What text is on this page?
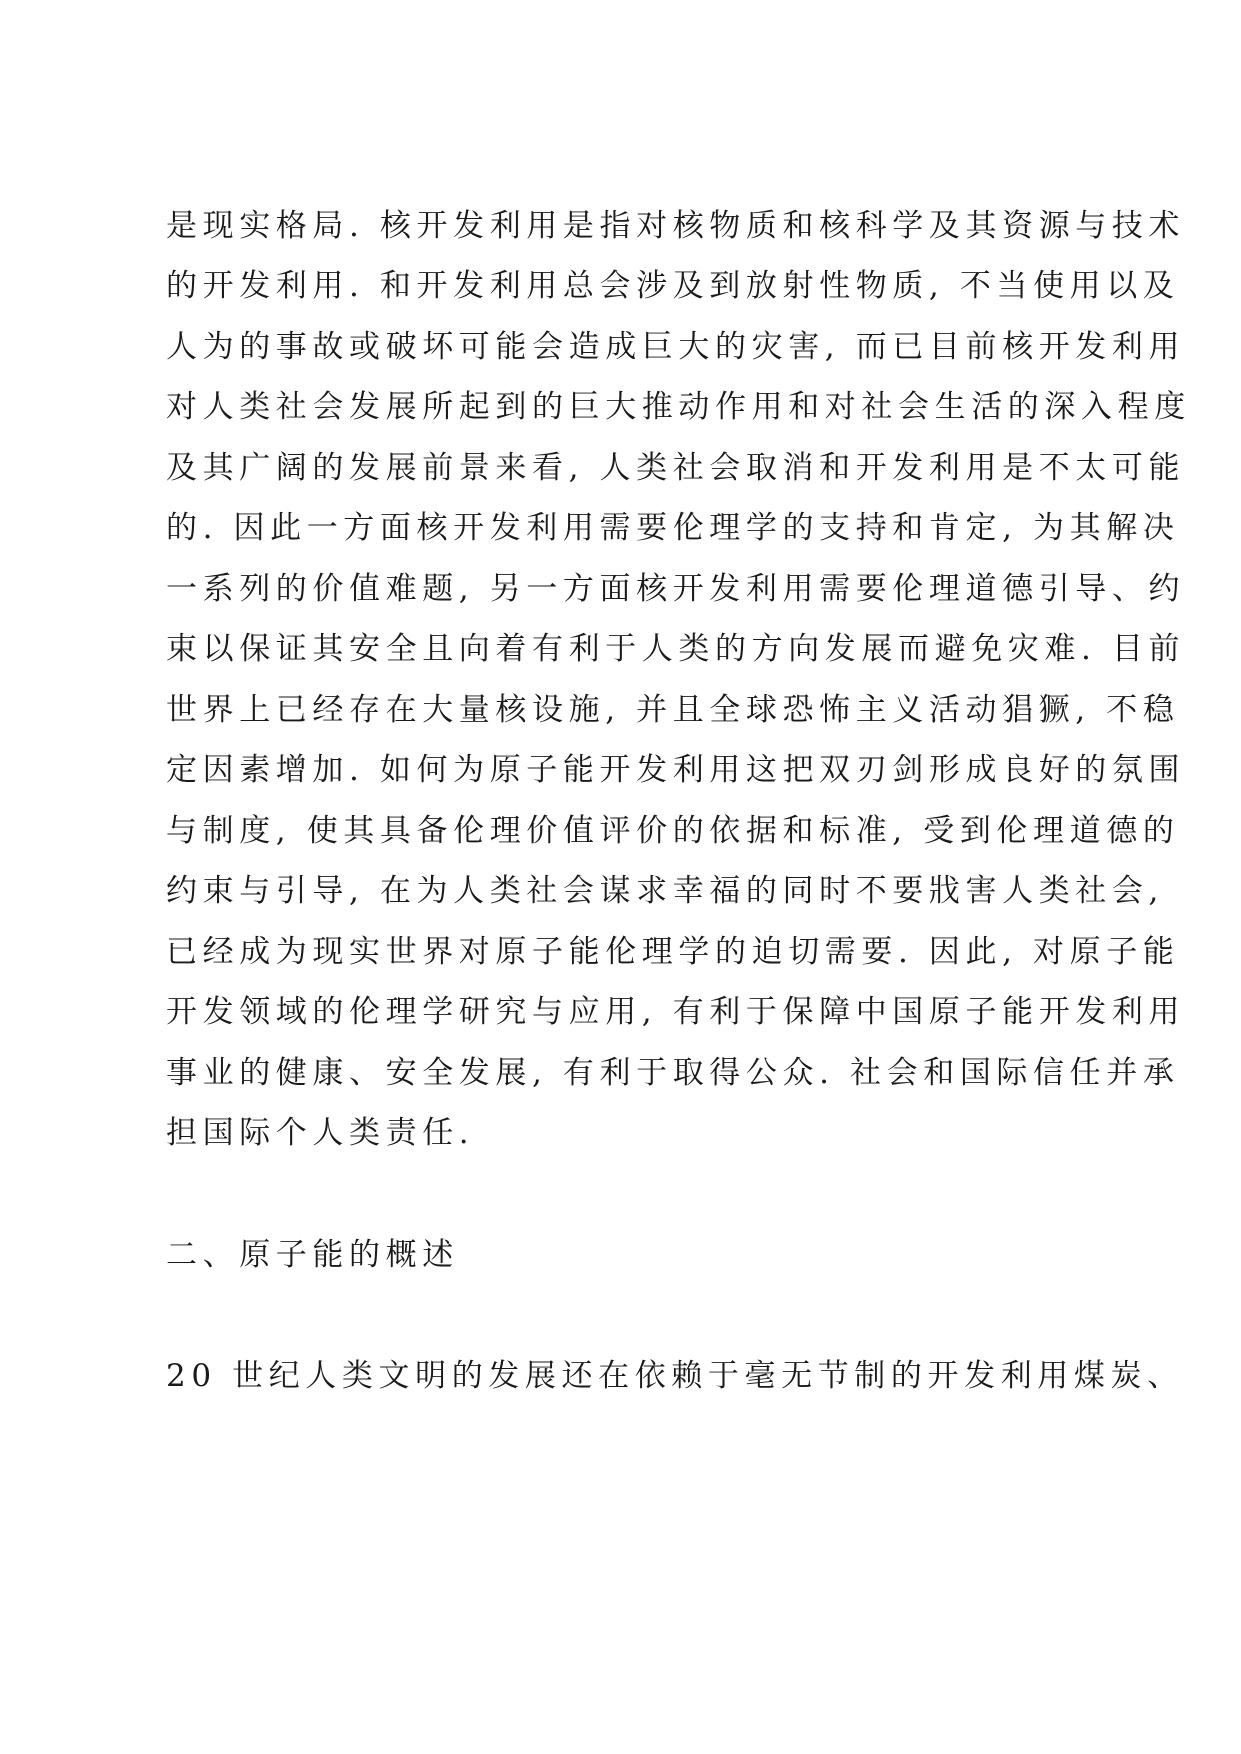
是现实格局. 核开发利用是指对核物质和核科学及其资源与技术
的开发利用. 和开发利用总会涉及到放射性物质, 不当使用以及
人为的事故或破坏可能会造成巨大的灾害, 而已目前核开发利用
对人类社会发展所起到的巨大推动作用和对社会生活的深入程度
及其广阔的发展前景来看, 人类社会取消和开发利用是不太可能
的. 因此一方面核开发利用需要伦理学的支持和肯定, 为其解决
一系列的价值难题, 另一方面核开发利用需要伦理道德引导、约
束以保证其安全且向着有利于人类的方向发展而避免灾难. 目前
世界上已经存在大量核设施, 并且全球恐怖主义活动猖獗, 不稳
定因素增加. 如何为原子能开发利用这把双刃剑形成良好的氛围
与制度, 使其具备伦理价值评价的依据和标准, 受到伦理道德的
约束与引导, 在为人类社会谋求幸福的同时不要戕害人类社会,
已经成为现实世界对原子能伦理学的迫切需要. 因此, 对原子能
开发领域的伦理学研究与应用, 有利于保障中国原子能开发利用
事业的健康、安全发展, 有利于取得公众. 社会和国际信任并承
担国际个人类责任.
二、原子能的概述
20 世纪人类文明的发展还在依赖于毫无节制的开发利用煤炭、
